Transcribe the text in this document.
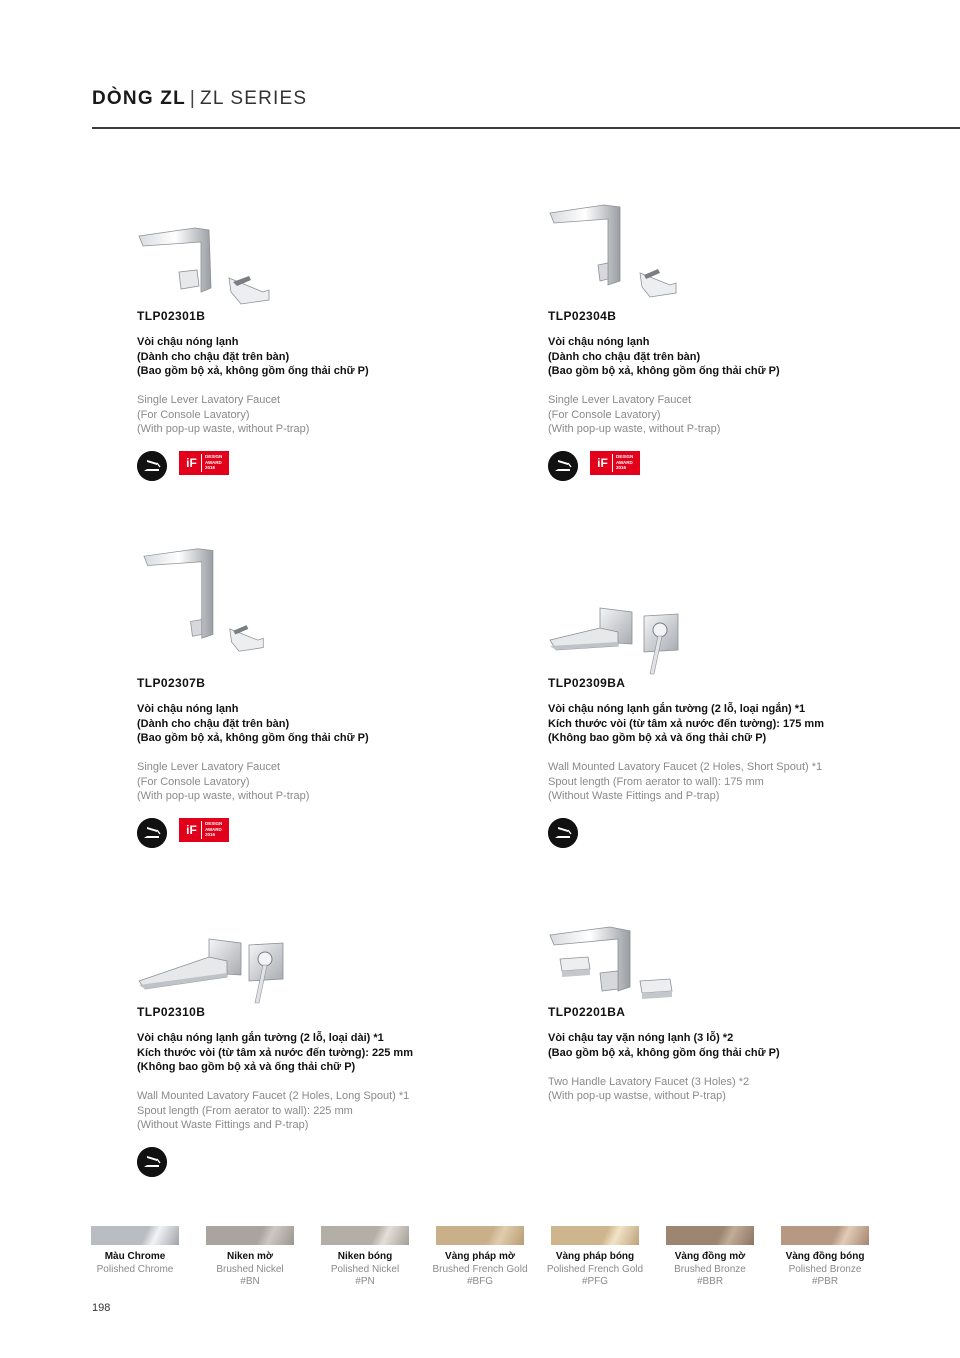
DÒNG ZL | ZL SERIES
TLP02301B
Vòi chậu nóng lạnh
(Dành cho chậu đặt trên bàn)
(Bao gồm bộ xả, không gồm ống thải chữ P)
Single Lever Lavatory Faucet
(For Console Lavatory)
(With pop-up waste, without P-trap)
iF	DESIGN
AWARD
2016
TLP02304B
Vòi chậu nóng lạnh
(Dành cho chậu đặt trên bàn)
(Bao gồm bộ xả, không gồm ống thải chữ P)
Single Lever Lavatory Faucet
(For Console Lavatory)
(With pop-up waste, without P-trap)
iF	DESIGN
AWARD
2016
TLP02307B
Vòi chậu nóng lạnh
(Dành cho chậu đặt trên bàn)
(Bao gồm bộ xả, không gồm ống thải chữ P)
Single Lever Lavatory Faucet
(For Console Lavatory)
(With pop-up waste, without P-trap)
iF	DESIGN
AWARD
2016
TLP02309BA
Vòi chậu nóng lạnh gắn tường (2 lỗ, loại ngắn) *1
Kích thước vòi (từ tâm xả nước đến tường): 175 mm
(Không bao gồm bộ xả và ống thải chữ P)
Wall Mounted Lavatory Faucet (2 Holes, Short Spout) *1
Spout length (From aerator to wall): 175 mm
(Without Waste Fittings and P-trap)
TLP02310B
Vòi chậu nóng lạnh gắn tường (2 lỗ, loại dài) *1
Kích thước vòi (từ tâm xả nước đến tường): 225 mm
(Không bao gồm bộ xả và ống thải chữ P)
Wall Mounted Lavatory Faucet (2 Holes, Long Spout) *1
Spout length (From aerator to wall): 225 mm
(Without Waste Fittings and P-trap)
TLP02201BA
Vòi chậu tay vặn nóng lạnh (3 lỗ) *2
(Bao gồm bộ xả, không gồm ống thải chữ P)
Two Handle Lavatory Faucet (3 Holes) *2
(With pop-up wastse, without P-trap)
Màu Chrome
Polished Chrome
Niken mờ
Brushed Nickel
#BN
Niken bóng
Polished Nickel
#PN
Vàng pháp mờ
Brushed French Gold
#BFG
Vàng pháp bóng
Polished French Gold
#PFG
Vàng đồng mờ
Brushed Bronze
#BBR
Vàng đồng bóng
Polished Bronze
#PBR
198
